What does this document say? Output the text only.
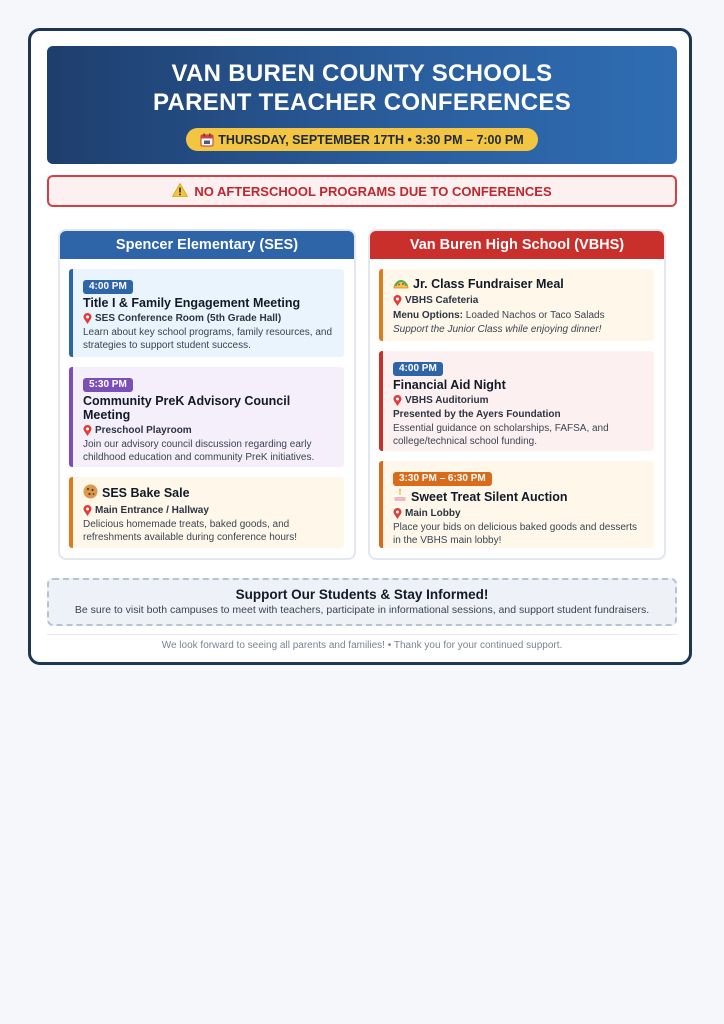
VAN BUREN COUNTY SCHOOLS
PARENT TEACHER CONFERENCES
THURSDAY, SEPTEMBER 17TH • 3:30 PM – 7:00 PM
NO AFTERSCHOOL PROGRAMS DUE TO CONFERENCES
Spencer Elementary (SES)
4:00 PM
Title I & Family Engagement Meeting
SES Conference Room (5th Grade Hall)
Learn about key school programs, family resources, and strategies to support student success.
5:30 PM
Community PreK Advisory Council Meeting
Preschool Playroom
Join our advisory council discussion regarding early childhood education and community PreK initiatives.
SES Bake Sale
Main Entrance / Hallway
Delicious homemade treats, baked goods, and refreshments available during conference hours!
Van Buren High School (VBHS)
Jr. Class Fundraiser Meal
VBHS Cafeteria
Menu Options: Loaded Nachos or Taco Salads
Support the Junior Class while enjoying dinner!
4:00 PM
Financial Aid Night
VBHS Auditorium
Presented by the Ayers Foundation
Essential guidance on scholarships, FAFSA, and college/technical school funding.
3:30 PM – 6:30 PM
Sweet Treat Silent Auction
Main Lobby
Place your bids on delicious baked goods and desserts in the VBHS main lobby!
Support Our Students & Stay Informed!
Be sure to visit both campuses to meet with teachers, participate in informational sessions, and support student fundraisers.
We look forward to seeing all parents and families! • Thank you for your continued support.
